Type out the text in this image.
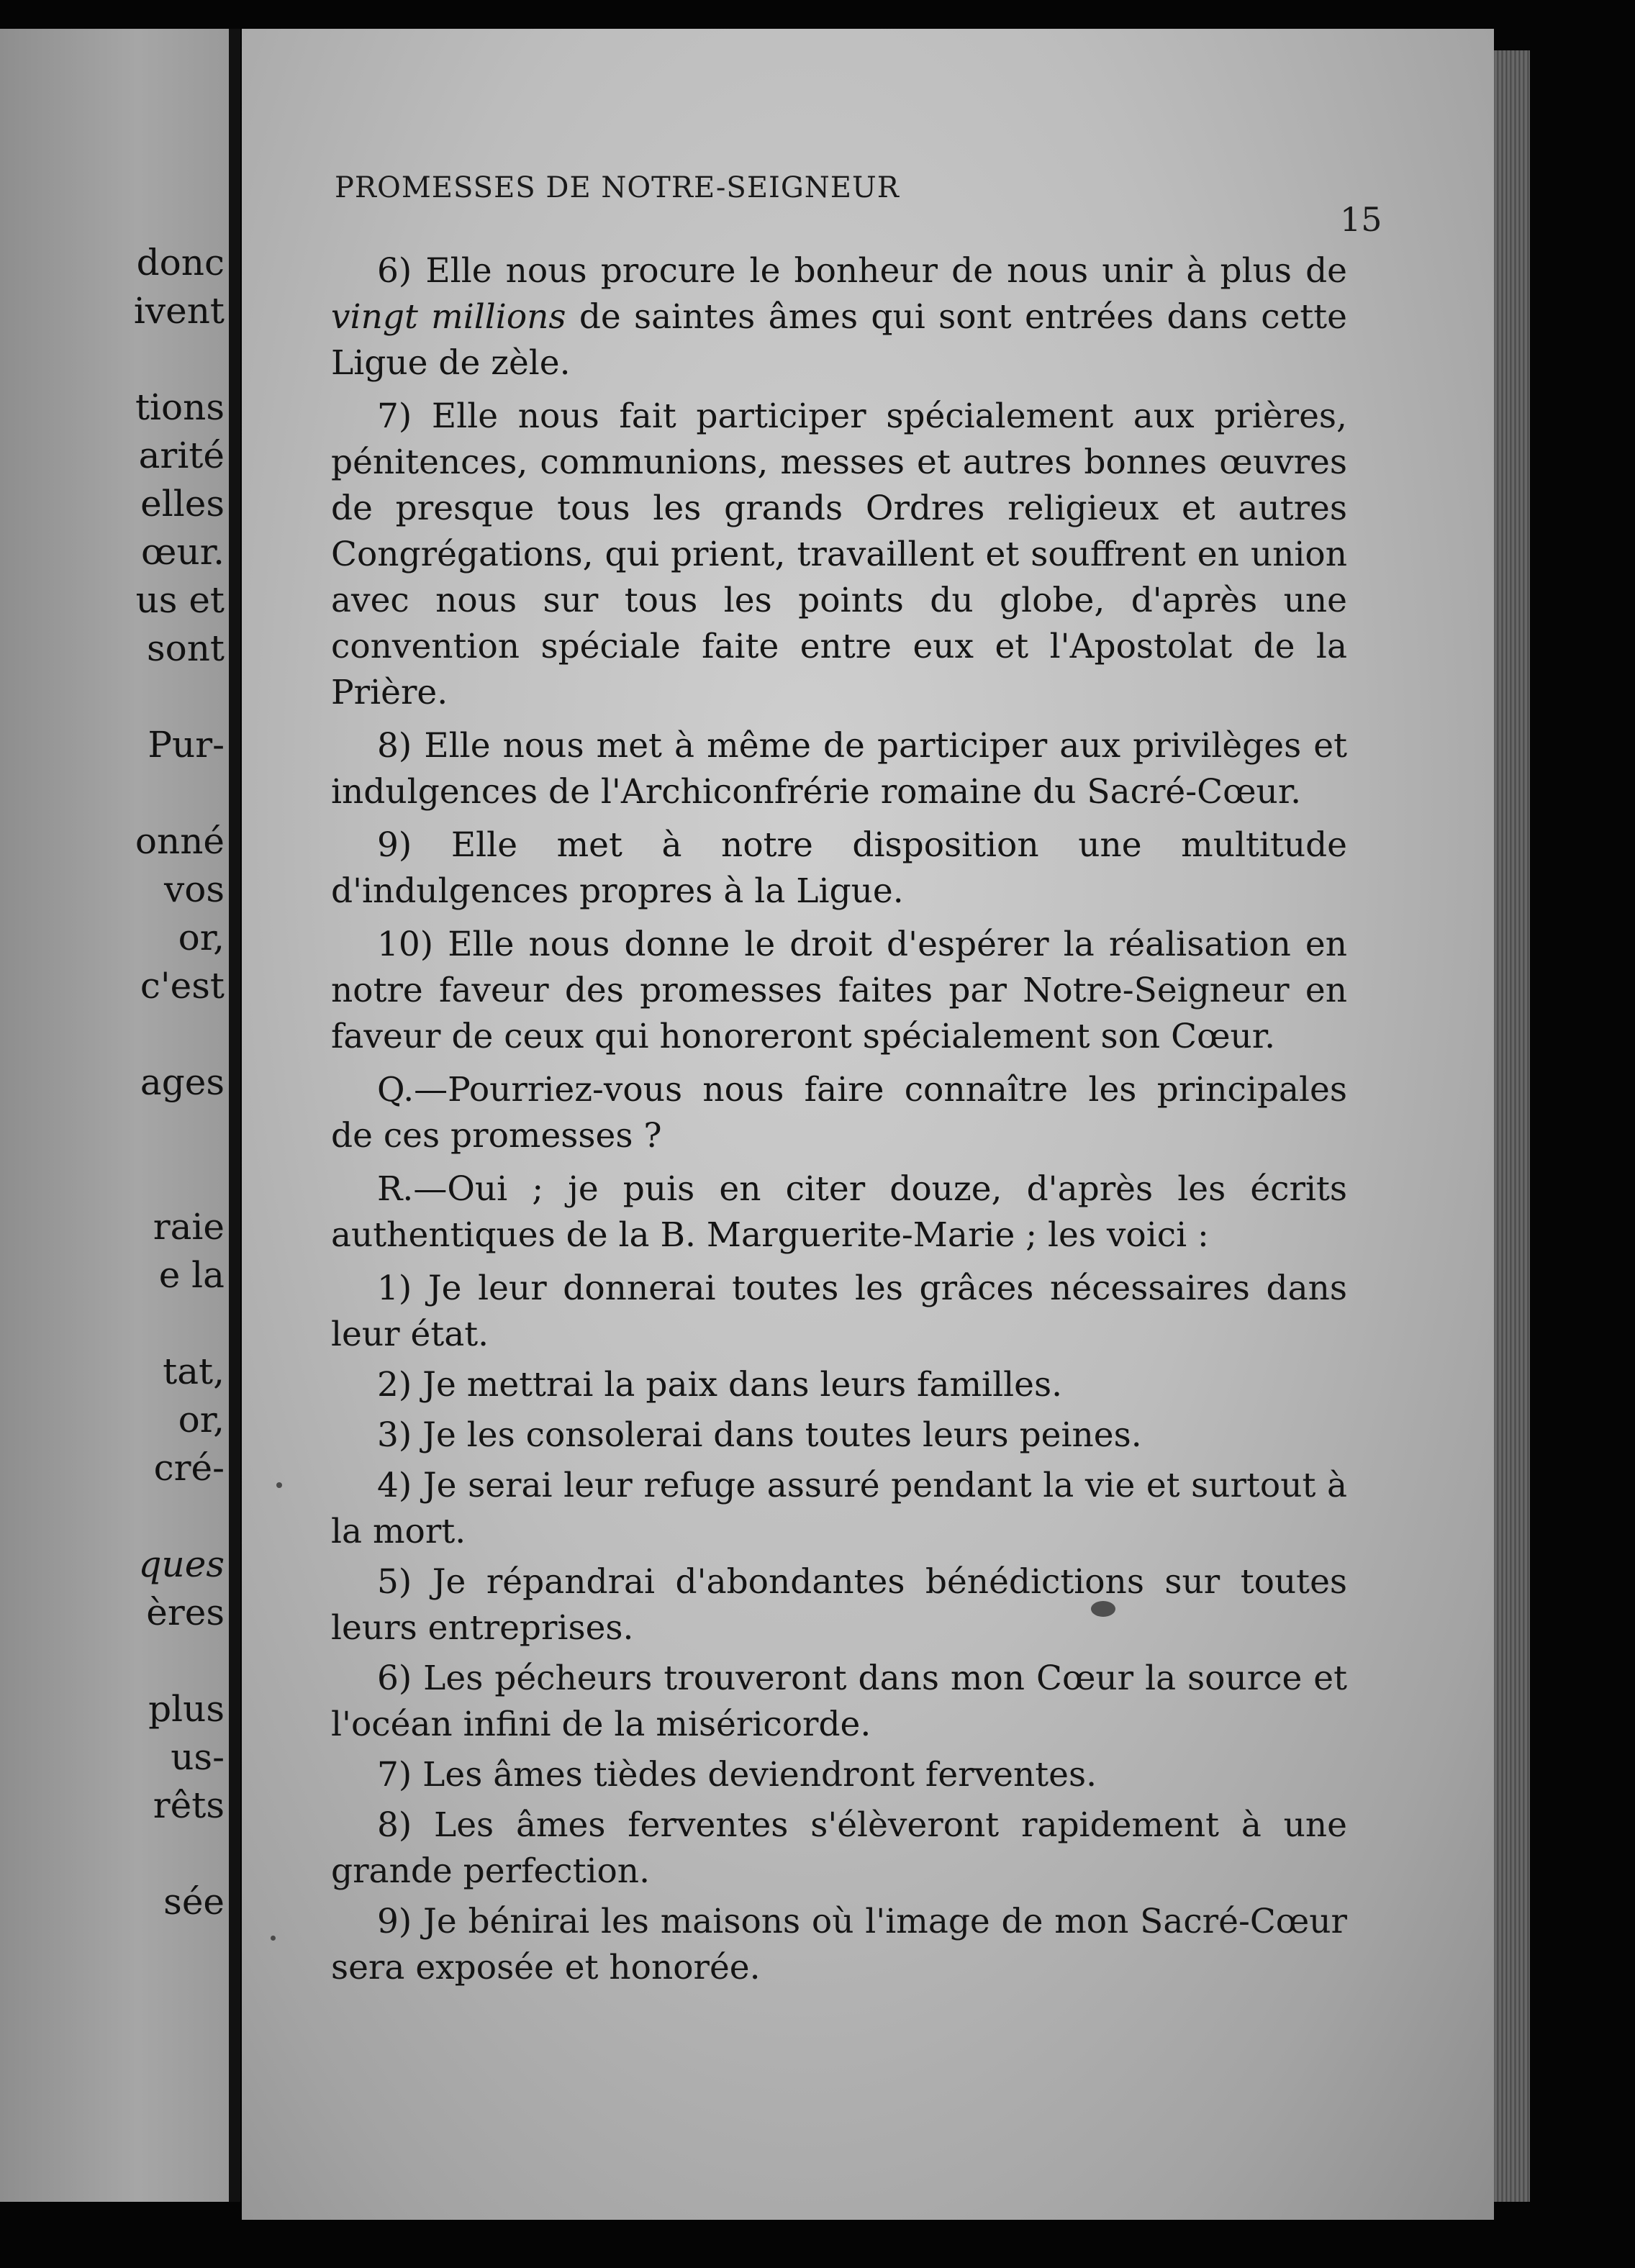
donc

ivent

tions

arité

elles

œur.

us et

sont

Pur-

onné

vos

or,

c'est

ages

raie

e la

tat,

or,

cré-

ques

ères

plus

us-

rêts

sée

PROMESSES DE NOTRE-SEIGNEUR

15

6) Elle nous procure le bonheur de nous unir à plus de vingt millions de saintes âmes qui sont entrées dans cette Ligue de zèle.

7) Elle nous fait participer spécialement aux prières, pénitences, communions, messes et autres bonnes œuvres de presque tous les grands Ordres religieux et autres Congrégations, qui prient, travaillent et souffrent en union avec nous sur tous les points du globe, d'après une convention spéciale faite entre eux et l'Apostolat de la Prière.

8) Elle nous met à même de participer aux privilèges et indulgences de l'Archiconfrérie romaine du Sacré-Cœur.

9) Elle met à notre disposition une multitude d'indulgences propres à la Ligue.

10) Elle nous donne le droit d'espérer la réalisation en notre faveur des promesses faites par Notre-Seigneur en faveur de ceux qui honoreront spécialement son Cœur.

Q.—Pourriez-vous nous faire connaître les principales de ces promesses ?

R.—Oui ; je puis en citer douze, d'après les écrits authentiques de la B. Marguerite-Marie ; les voici :

1) Je leur donnerai toutes les grâces nécessaires dans leur état.

2) Je mettrai la paix dans leurs familles.

3) Je les consolerai dans toutes leurs peines.

4) Je serai leur refuge assuré pendant la vie et surtout à la mort.

5) Je répandrai d'abondantes bénédictions sur toutes leurs entreprises.

6) Les pécheurs trouveront dans mon Cœur la source et l'océan infini de la miséricorde.

7) Les âmes tièdes deviendront ferventes.

8) Les âmes ferventes s'élèveront rapidement à une grande perfection.

9) Je bénirai les maisons où l'image de mon Sacré-Cœur sera exposée et honorée.
